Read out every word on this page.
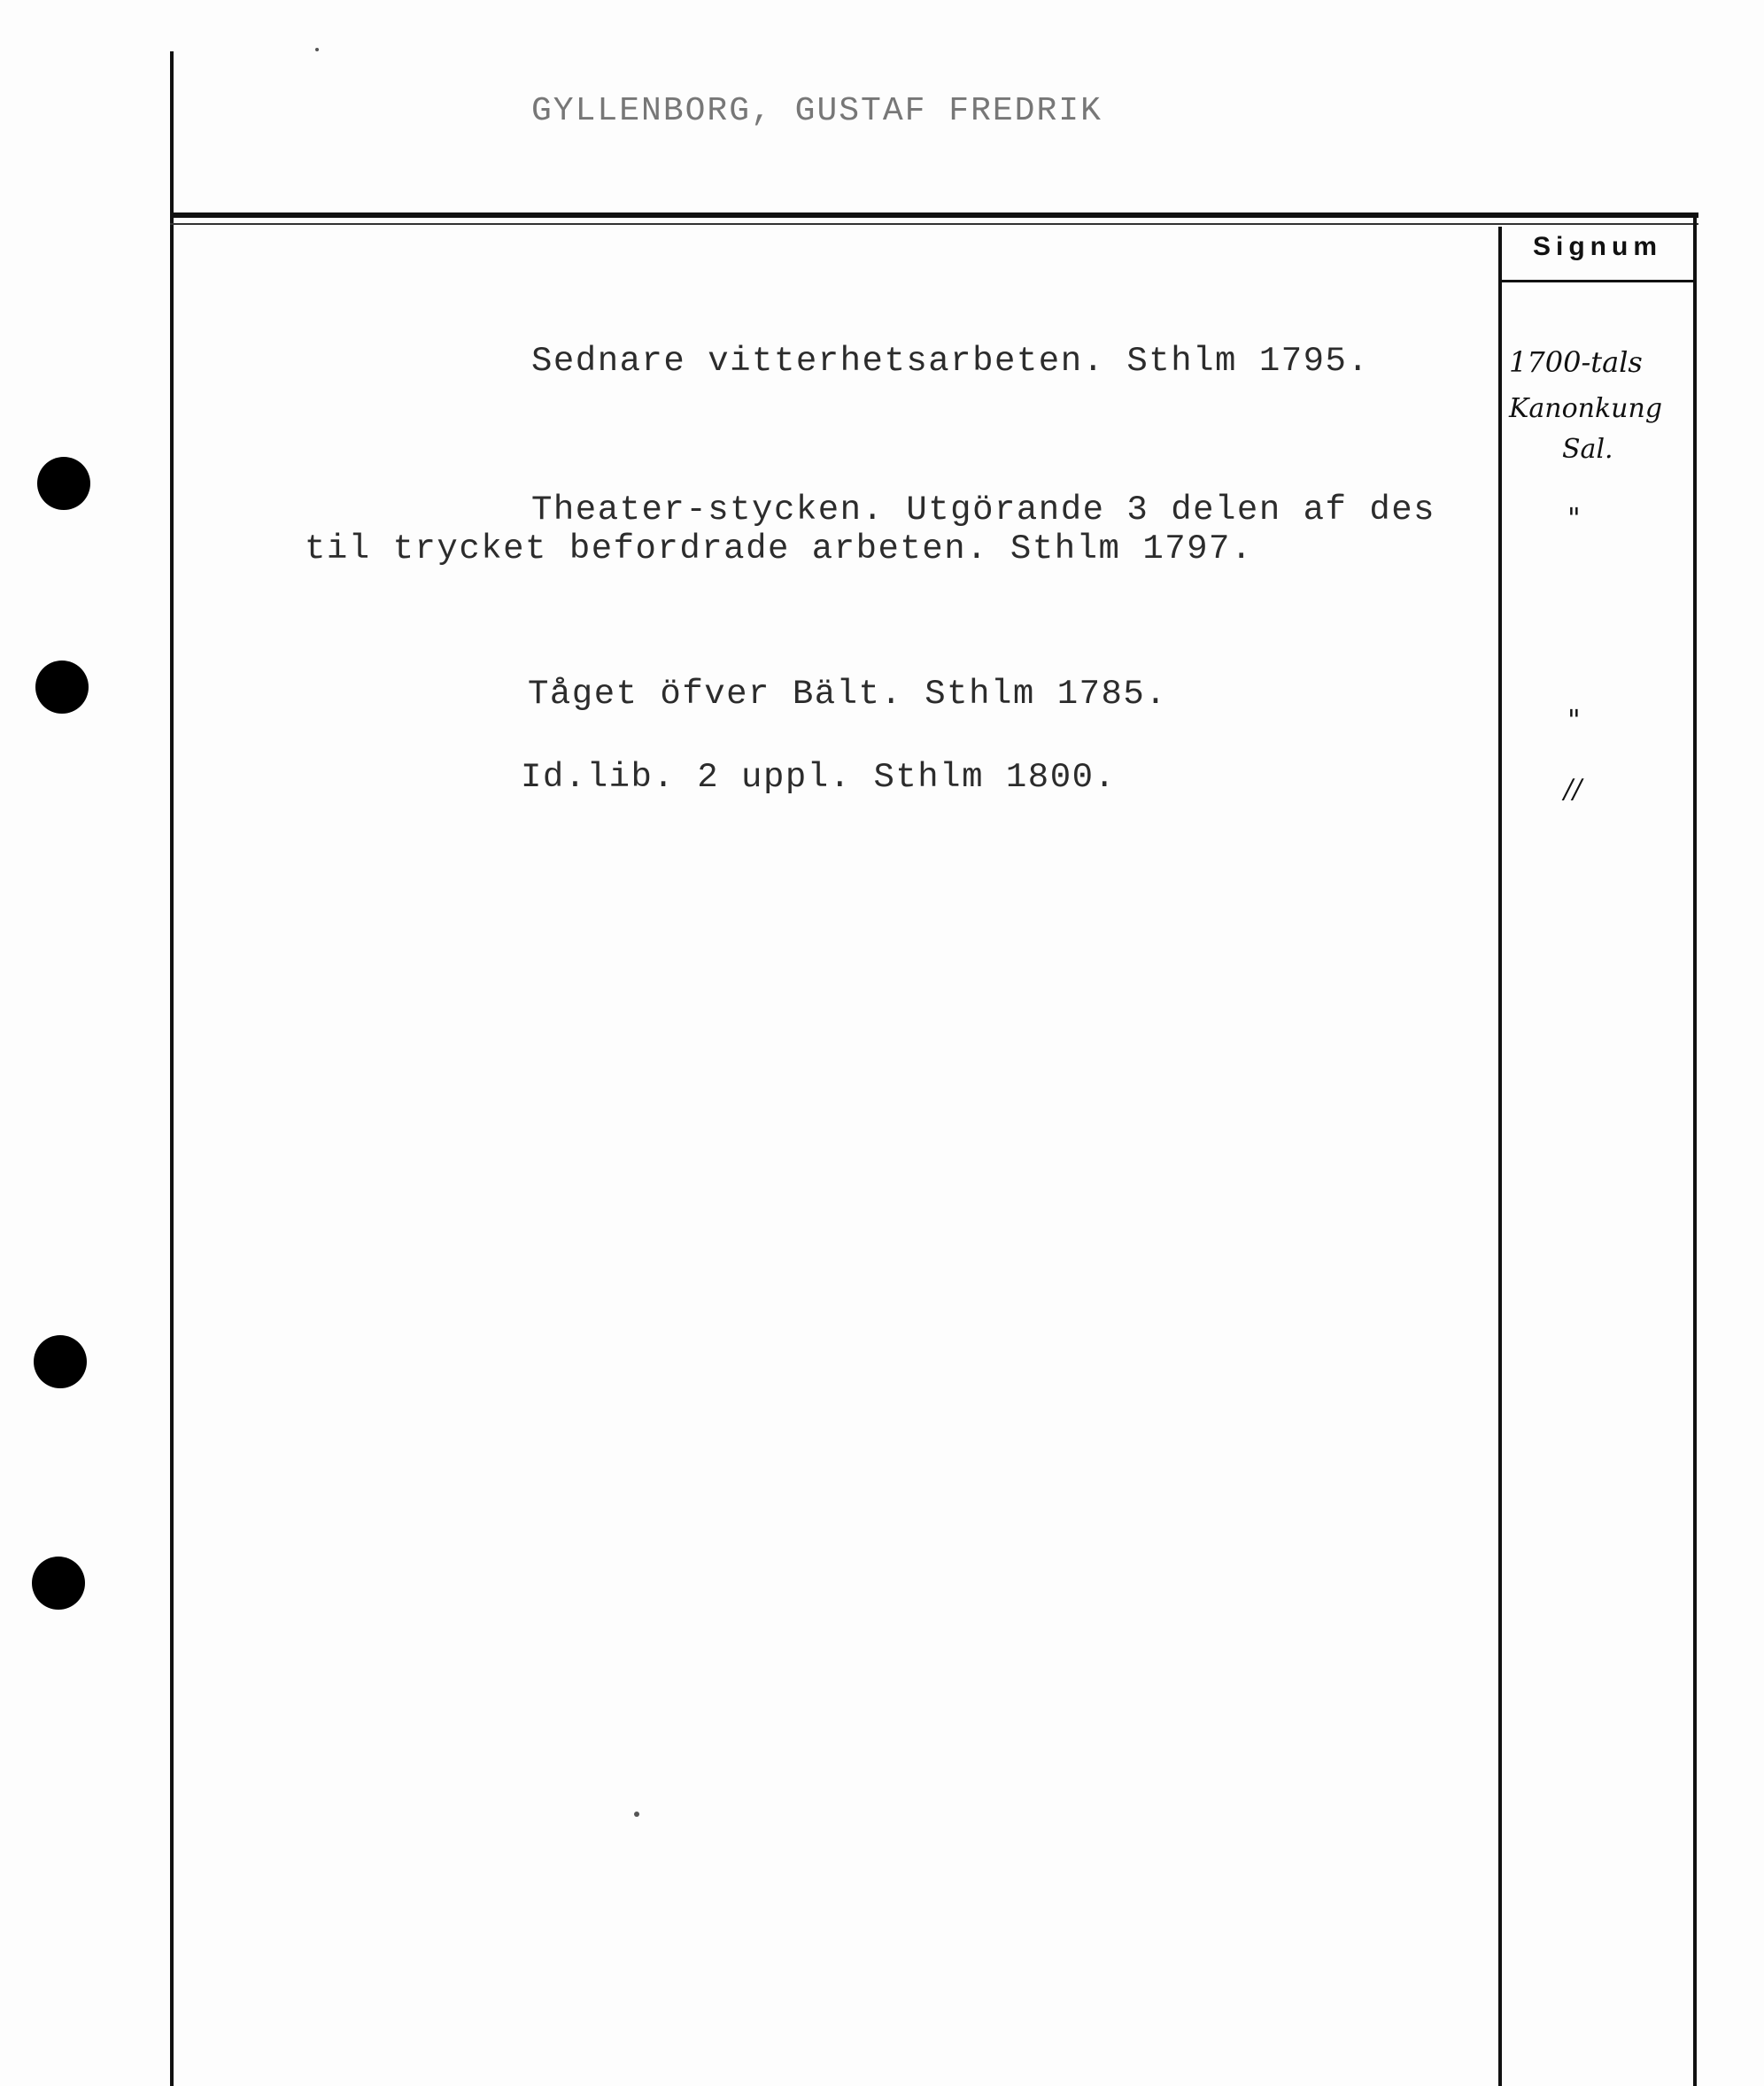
GYLLENBORG, GUSTAF FREDRIK
Signum
Sednare vitterhetsarbeten. Sthlm 1795.
Theater-stycken. Utgörande 3 delen af des
til trycket befordrade arbeten. Sthlm 1797.
Tåget öfver Bält. Sthlm 1785.
Id.lib. 2 uppl. Sthlm 1800.
1700-tals
Kanonkung
Sal.
"
"
//
